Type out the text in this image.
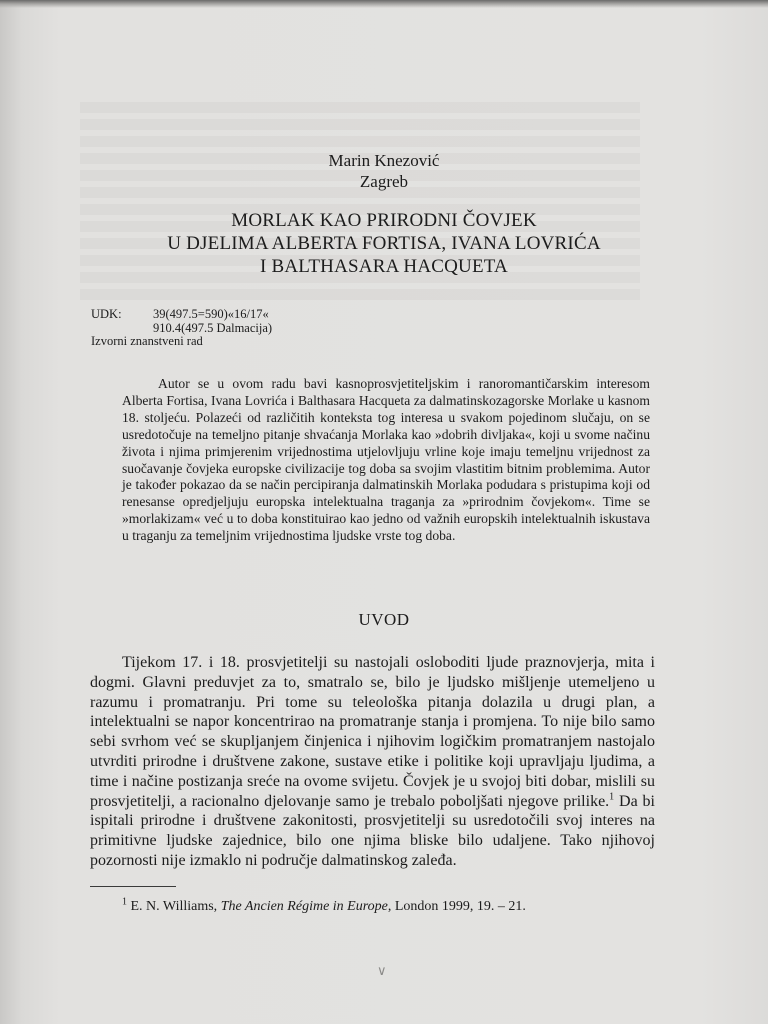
Marin Knezović
Zagreb
MORLAK KAO PRIRODNI ČOVJEK
U DJELIMA ALBERTA FORTISA, IVANA LOVRIĆA
I BALTHASARA HACQUETA
UDK:	39(497.5=590)«16/17«
910.4(497.5 Dalmacija)
Izvorni znanstveni rad

Autor se u ovom radu bavi kasnoprosvjetiteljskim i ranoromantičarskim interesom Alberta Fortisa, Ivana Lovrića i Balthasara Hacqueta za dalmatinskozagorske Morlake u kasnom 18. stoljeću. Polazeći od različitih konteksta tog interesa u svakom pojedinom slučaju, on se usredotočuje na temeljno pitanje shvaćanja Morlaka kao »dobrih divljaka«, koji u svome načinu života i njima primjerenim vrijednostima utjelovljuju vrline koje imaju temeljnu vrijednost za suočavanje čovjeka europske civilizacije tog doba sa svojim vlastitim bitnim problemima. Autor je također pokazao da se način percipiranja dalmatinskih Morlaka podudara s pristupima koji od renesanse opredjeljuju europska intelektualna traganja za »prirodnim čovjekom«. Time se »morlakizam« već u to doba konstituirao kao jedno od važnih europskih intelektualnih iskustava u traganju za temeljnim vrijednostima ljudske vrste tog doba.

UVOD

Tijekom 17. i 18. prosvjetitelji su nastojali osloboditi ljude praznovjerja, mita i dogmi. Glavni preduvjet za to, smatralo se, bilo je ljudsko mišljenje utemeljeno u razumu i promatranju. Pri tome su teleološka pitanja dolazila u drugi plan, a intelektualni se napor koncentrirao na promatranje stanja i promjena. To nije bilo samo sebi svrhom već se skupljanjem činjenica i njihovim logičkim promatranjem nastojalo utvrditi prirodne i društvene zakone, sustave etike i politike koji upravljaju ljudima, a time i načine postizanja sreće na ovome svijetu. Čovjek je u svojoj biti dobar, mislili su prosvjetitelji, a racionalno djelovanje samo je trebalo poboljšati njegove prilike.$^1$ Da bi ispitali prirodne i društvene zakonitosti, prosvjetitelji su usredotočili svoj interes na primitivne ljudske zajednice, bilo one njima bliske bilo udaljene. Tako njihovoj pozornosti nije izmaklo ni područje dalmatinskog zaleđa.

$^1$ E. N. Williams, The Ancien Régime in Europe, London 1999, 19. – 21.
∨
